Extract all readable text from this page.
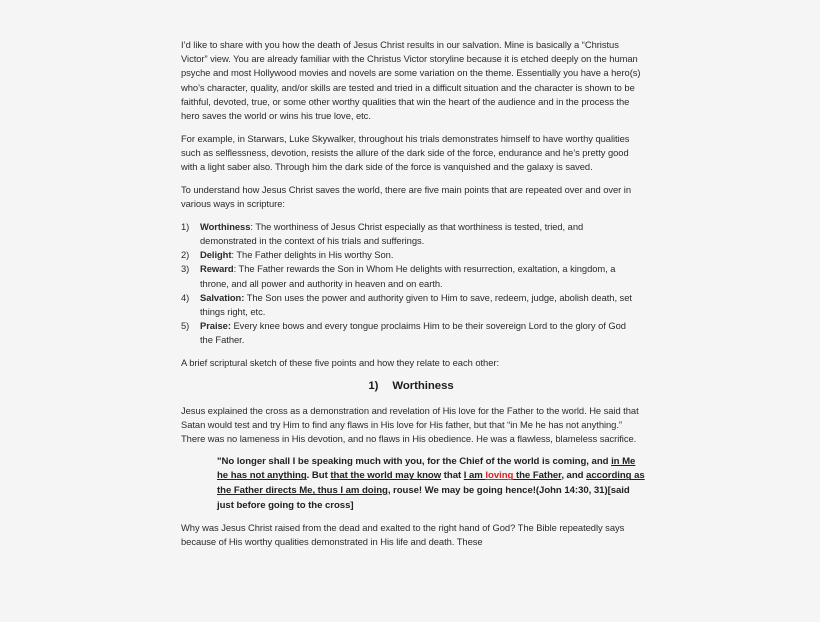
I’d like to share with you how the death of Jesus Christ results in our salvation. Mine is basically a “Christus Victor” view. You are already familiar with the Christus Victor storyline because it is etched deeply on the human psyche and most Hollywood movies and novels are some variation on the theme. Essentially you have a hero(s) who’s character, quality, and/or skills are tested and tried in a difficult situation and the character is shown to be faithful, devoted, true, or some other worthy qualities that win the heart of the audience and in the process the hero saves the world or wins his true love, etc.

For example, in Starwars, Luke Skywalker, throughout his trials demonstrates himself to have worthy qualities such as selflessness, devotion, resists the allure of the dark side of the force, endurance and he’s pretty good with a light saber also. Through him the dark side of the force is vanquished and the galaxy is saved.

To understand how Jesus Christ saves the world, there are five main points that are repeated over and over in various ways in scripture:

1) Worthiness: The worthiness of Jesus Christ especially as that worthiness is tested, tried, and demonstrated in the context of his trials and sufferings.
2) Delight: The Father delights in His worthy Son.
3) Reward: The Father rewards the Son in Whom He delights with resurrection, exaltation, a kingdom, a throne, and all power and authority in heaven and on earth.
4) Salvation: The Son uses the power and authority given to Him to save, redeem, judge, abolish death, set things right, etc.
5) Praise: Every knee bows and every tongue proclaims Him to be their sovereign Lord to the glory of God the Father.

A brief scriptural sketch of these five points and how they relate to each other:

1) Worthiness

Jesus explained the cross as a demonstration and revelation of His love for the Father to the world. He said that Satan would test and try Him to find any flaws in His love for His father, but that “in Me he has not anything.” There was no lameness in His devotion, and no flaws in His obedience. He was a flawless, blameless sacrifice.

"No longer shall I be speaking much with you, for the Chief of the world is coming, and in Me he has not anything. But that the world may know that I am loving the Father, and according as the Father directs Me, thus I am doing, rouse! We may be going hence!(John 14:30, 31)[said just before going to the cross]

Why was Jesus Christ raised from the dead and exalted to the right hand of God? The Bible repeatedly says because of His worthy qualities demonstrated in His life and death. These
